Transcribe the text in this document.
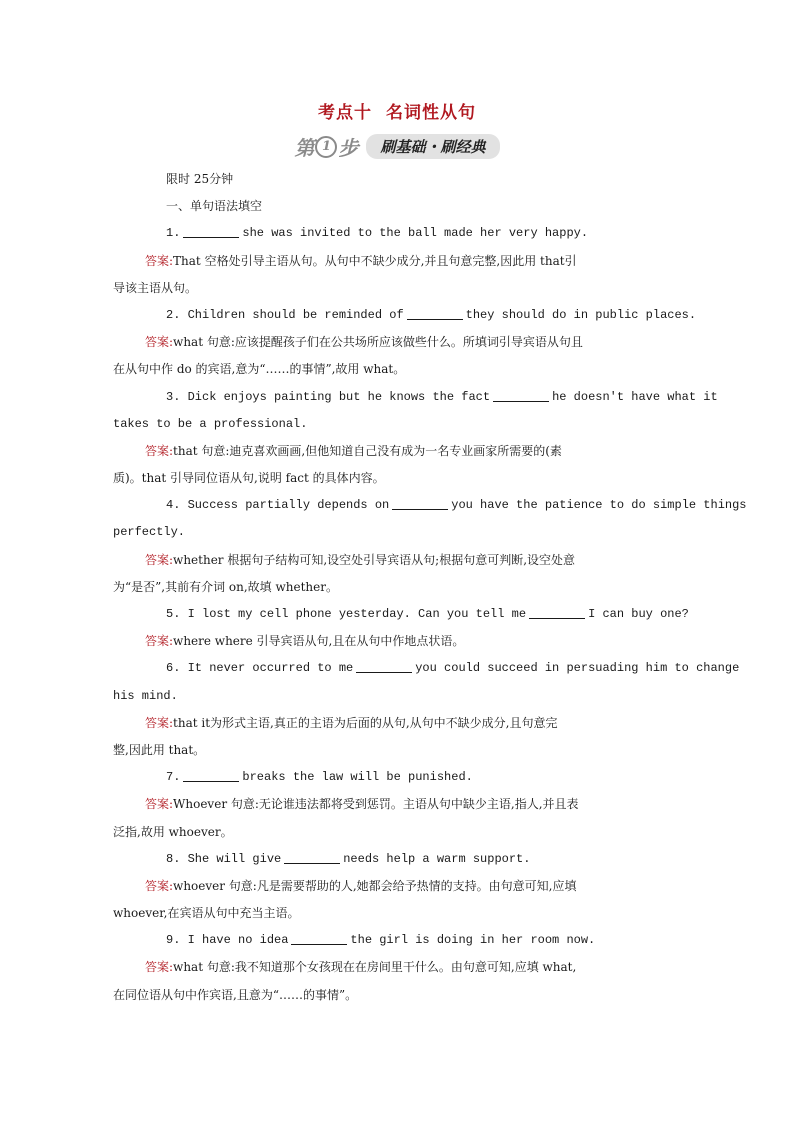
考点十 名词性从句
第 1 步	刷基础・刷经典
限时 25分钟
一、单句语法填空
1.	she was invited to the ball made her very happy.
答案:That 空格处引导主语从句。从句中不缺少成分,并且句意完整,因此用 that引
导该主语从句。
2. Children should be reminded of	they should do in public places.
答案:what 句意:应该提醒孩子们在公共场所应该做些什么。所填词引导宾语从句且
在从句中作 do 的宾语,意为“……的事情”,故用 what。
3. Dick enjoys painting but he knows the fact	he doesn't have what it
takes to be a professional.
答案:that 句意:迪克喜欢画画,但他知道自己没有成为一名专业画家所需要的(素
质)。that 引导同位语从句,说明 fact 的具体内容。
4. Success partially depends on	you have the patience to do simple things
perfectly.
答案:whether 根据句子结构可知,设空处引导宾语从句;根据句意可判断,设空处意
为“是否”,其前有介词 on,故填 whether。
5. I lost my cell phone yesterday. Can you tell me	I can buy one?
答案:where where 引导宾语从句,且在从句中作地点状语。
6. It never occurred to me	you could succeed in persuading him to change
his mind.
答案:that it为形式主语,真正的主语为后面的从句,从句中不缺少成分,且句意完
整,因此用 that。
7.	breaks the law will be punished.
答案:Whoever 句意:无论谁违法都将受到惩罚。主语从句中缺少主语,指人,并且表
泛指,故用 whoever。
8. She will give	needs help a warm support.
答案:whoever 句意:凡是需要帮助的人,她都会给予热情的支持。由句意可知,应填
whoever,在宾语从句中充当主语。
9. I have no idea	the girl is doing in her room now.
答案:what 句意:我不知道那个女孩现在在房间里干什么。由句意可知,应填 what,
在同位语从句中作宾语,且意为“……的事情”。
